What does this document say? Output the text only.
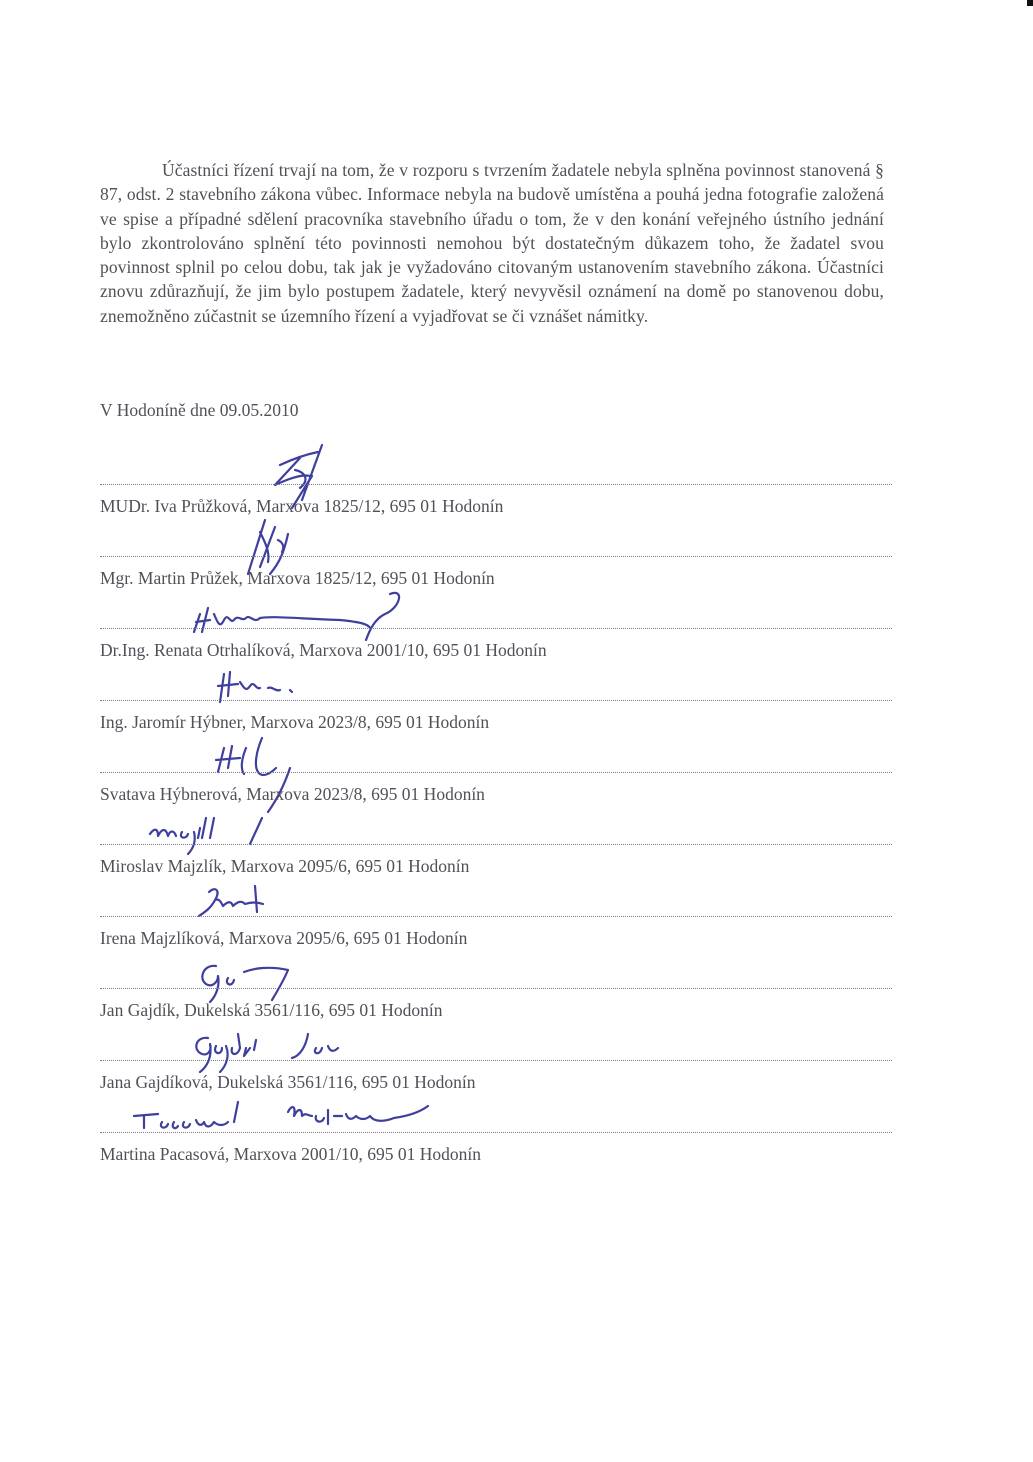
Účastníci řízení trvají na tom, že v rozporu s tvrzením žadatele nebyla splněna povinnost stanovená § 87, odst. 2 stavebního zákona vůbec. Informace nebyla na budově umístěna a pouhá jedna fotografie založená ve spise a případné sdělení pracovníka stavebního úřadu o tom, že v den konání veřejného ústního jednání bylo zkontrolováno splnění této povinnosti nemohou být dostatečným důkazem toho, že žadatel svou povinnost splnil po celou dobu, tak jak je vyžadováno citovaným ustanovením stavebního zákona. Účastníci znovu zdůrazňují, že jim bylo postupem žadatele, který nevyvěsil oznámení na domě po stanovenou dobu, znemožněno zúčastnit se územního řízení a vyjadřovat se či vznášet námitky.

V Hodoníně dne 09.05.2010
MUDr. Iva Průžková, Marxova 1825/12, 695 01 Hodonín
Mgr. Martin Průžek, Marxova 1825/12, 695 01 Hodonín
Dr.Ing. Renata Otrhalíková, Marxova 2001/10, 695 01 Hodonín
Ing. Jaromír Hýbner, Marxova 2023/8, 695 01 Hodonín
Svatava Hýbnerová, Marxova 2023/8, 695 01 Hodonín
Miroslav Majzlík, Marxova 2095/6, 695 01 Hodonín
Irena Majzlíková, Marxova 2095/6, 695 01 Hodonín
Jan Gajdík, Dukelská 3561/116, 695 01 Hodonín
Jana Gajdíková, Dukelská 3561/116, 695 01 Hodonín
Martina Pacasová, Marxova 2001/10, 695 01 Hodonín
